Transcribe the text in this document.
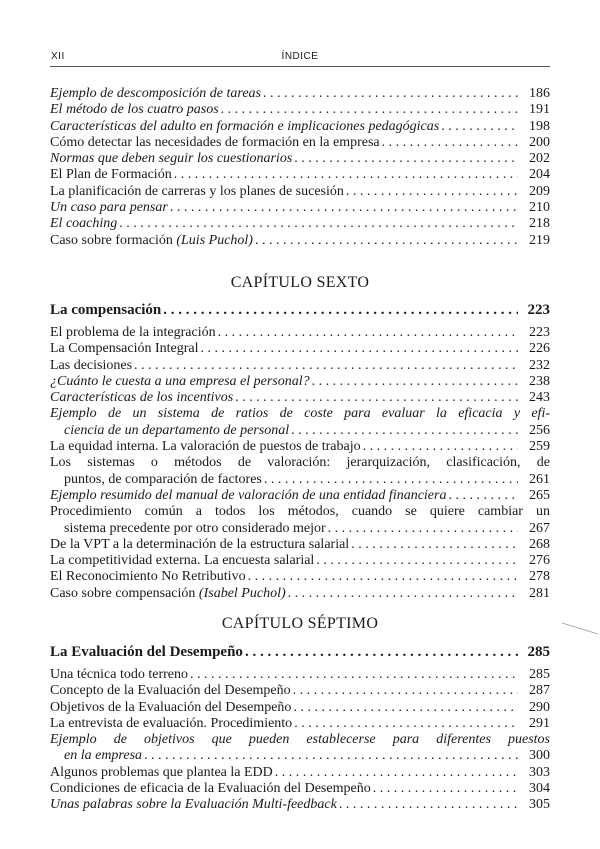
XII	ÍNDICE
Ejemplo de descomposición de tareas . . .	186
El método de los cuatro pasos . . .	191
Características del adulto en formación e implicaciones pedagógicas . . .	198
Cómo detectar las necesidades de formación en la empresa . . .	200
Normas que deben seguir los cuestionarios . . .	202
El Plan de Formación . . .	204
La planificación de carreras y los planes de sucesión . . .	209
Un caso para pensar . . .	210
El coaching . . .	218
Caso sobre formación (Luis Puchol) . . .	219
CAPÍTULO SEXTO
La compensación . . .	223
El problema de la integración . . .	223
La Compensación Integral . . .	226
Las decisiones . . .	232
¿Cuánto le cuesta a una empresa el personal? . . .	238
Características de los incentivos . . .	243
Ejemplo de un sistema de ratios de coste para evaluar la eficacia y efi-
ciencia de un departamento de personal . . .	256
La equidad interna. La valoración de puestos de trabajo . . .	259
Los sistemas o métodos de valoración: jerarquización, clasificación, de
puntos, de comparación de factores . . .	261
Ejemplo resumido del manual de valoración de una entidad financiera . . .	265
Procedimiento común a todos los métodos, cuando se quiere cambiar un
sistema precedente por otro considerado mejor . . .	267
De la VPT a la determinación de la estructura salarial . . .	268
La competitividad externa. La encuesta salarial . . .	276
El Reconocimiento No Retributivo . . .	278
Caso sobre compensación (Isabel Puchol) . . .	281
CAPÍTULO SÉPTIMO
La Evaluación del Desempeño . . .	285
Una técnica todo terreno . . .	285
Concepto de la Evaluación del Desempeño . . .	287
Objetivos de la Evaluación del Desempeño . . .	290
La entrevista de evaluación. Procedimiento . . .	291
Ejemplo de objetivos que pueden establecerse para diferentes puestos
en la empresa . . .	300
Algunos problemas que plantea la EDD . . .	303
Condiciones de eficacia de la Evaluación del Desempeño . . .	304
Unas palabras sobre la Evaluación Multi-feedback . . .	305
